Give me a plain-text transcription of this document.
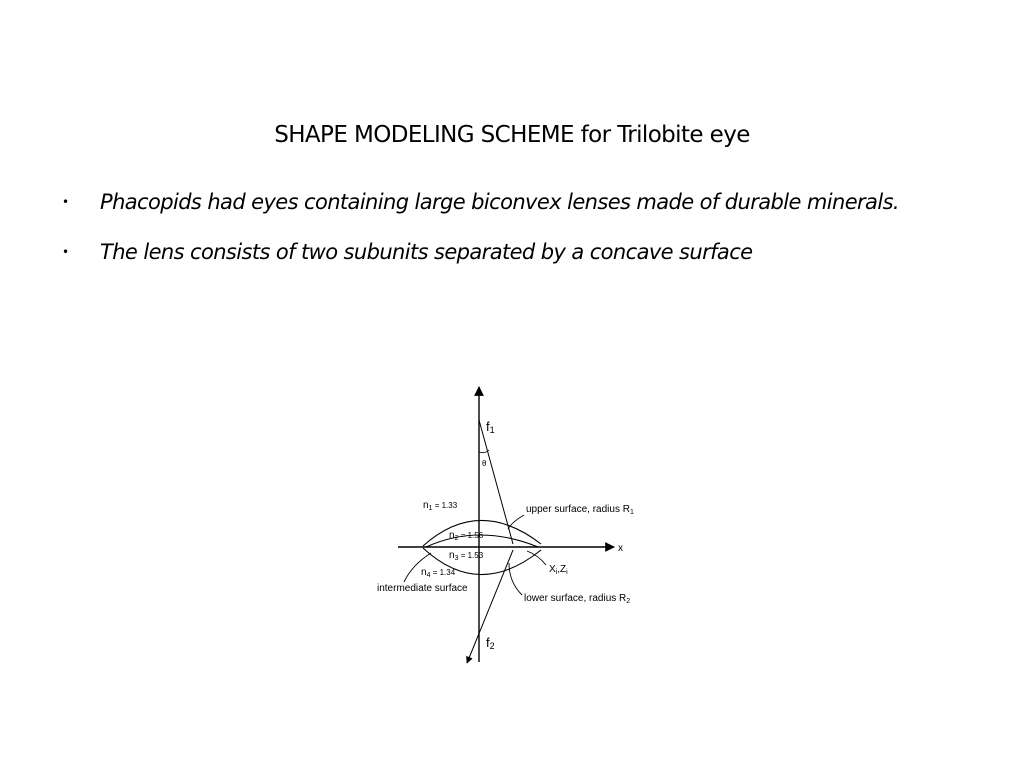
SHAPE MODELING SCHEME for Trilobite eye
• Phacopids had eyes containing large biconvex lenses made of durable minerals.
• The lens consists of two subunits separated by a concave surface
f1
f2
θ
x
$n_1$ $^{= 1.33}$
$n_2$ $^{= 1.56}$
$n_3$ $^{= 1.53}$
$n_4$ $^{= 1.34}$
upper surface, radius $R_1$
lower surface, radius $R_2$
intermediate surface
$X_i,Z_i$
